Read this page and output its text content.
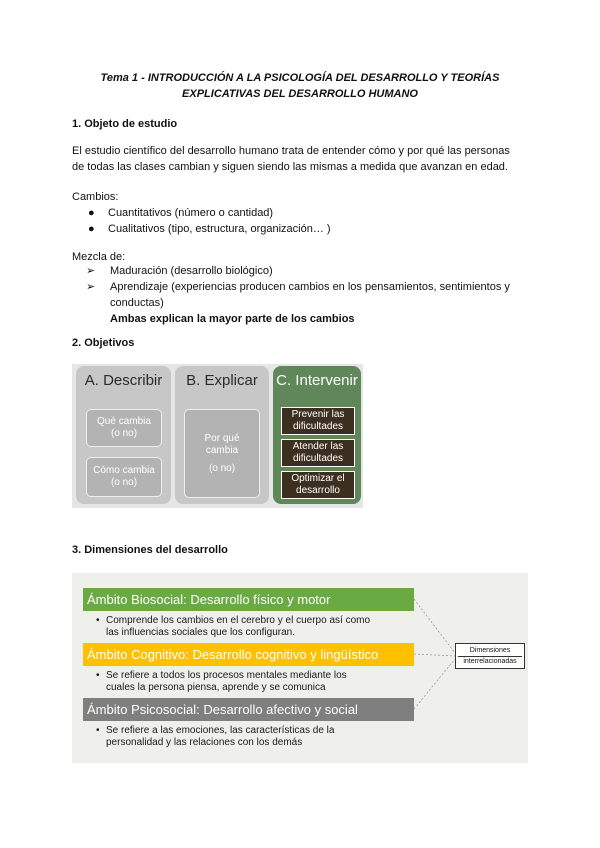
Tema 1 - INTRODUCCIÓN A LA PSICOLOGÍA DEL DESARROLLO Y TEORÍAS
EXPLICATIVAS DEL DESARROLLO HUMANO
1. Objeto de estudio
El estudio científico del desarrollo humano trata de entender cómo y por qué las personas
de todas las clases cambian y siguen siendo las mismas a medida que avanzan en edad.
Cambios:
● Cuantitativos (número o cantidad)
● Cualitativos (tipo, estructura, organización… )
Mezcla de:
➢ Maduración (desarrollo biológico)
➢ Aprendizaje (experiencias producen cambios en los pensamientos, sentimientos y
conductas)
Ambas explican la mayor parte de los cambios
2. Objetivos
A. Describir
Qué cambia
(o no)
Cómo cambia
(o no)
B. Explicar
Por qué
cambia
(o no)
C. Intervenir
Prevenir las
dificultades
Atender las
dificultades
Optimizar el
desarrollo
3. Dimensiones del desarrollo
Ámbito Biosocial: Desarrollo físico y motor
• Comprende los cambios en el cerebro y el cuerpo así como
las influencias sociales que los configuran.
Ámbito Cognitivo: Desarrollo cognitivo y lingüístico
• Se refiere a todos los procesos mentales mediante los
cuales la persona piensa, aprende y se comunica
Ámbito Psicosocial: Desarrollo afectivo y social
• Se refiere a las emociones, las características de la
personalidad y las relaciones con los demás
Dimensiones
interrelacionadas
